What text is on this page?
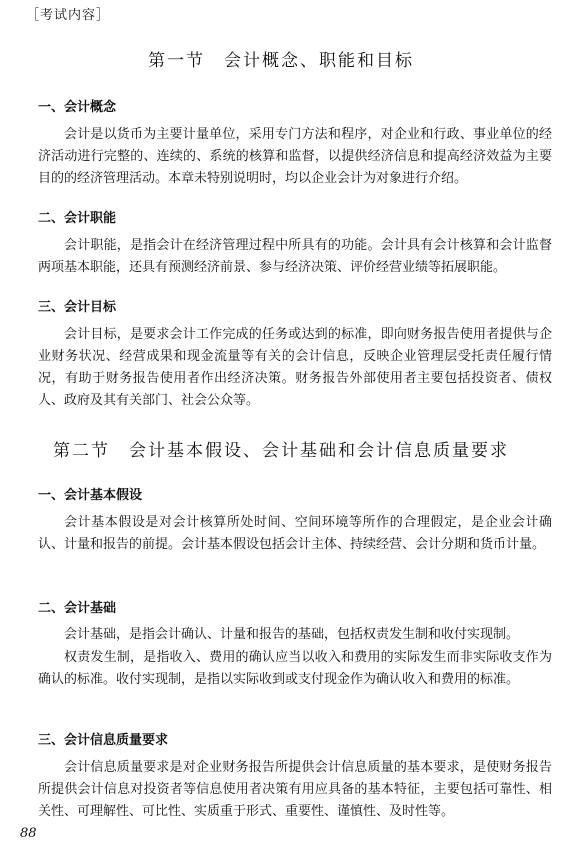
［考试内容］
第一节　会计概念、职能和目标
一、会计概念
会计是以货币为主要计量单位，采用专门方法和程序，对企业和行政、事业单位的经济活动进行完整的、连续的、系统的核算和监督，以提供经济信息和提高经济效益为主要目的的经济管理活动。本章未特别说明时，均以企业会计为对象进行介绍。
二、会计职能
会计职能，是指会计在经济管理过程中所具有的功能。会计具有会计核算和会计监督两项基本职能，还具有预测经济前景、参与经济决策、评价经营业绩等拓展职能。
三、会计目标
会计目标，是要求会计工作完成的任务或达到的标准，即向财务报告使用者提供与企业财务状况、经营成果和现金流量等有关的会计信息，反映企业管理层受托责任履行情况，有助于财务报告使用者作出经济决策。财务报告外部使用者主要包括投资者、债权人、政府及其有关部门、社会公众等。
第二节　会计基本假设、会计基础和会计信息质量要求
一、会计基本假设
会计基本假设是对会计核算所处时间、空间环境等所作的合理假定，是企业会计确认、计量和报告的前提。会计基本假设包括会计主体、持续经营、会计分期和货币计量。
二、会计基础
会计基础，是指会计确认、计量和报告的基础，包括权责发生制和收付实现制。
权责发生制，是指收入、费用的确认应当以收入和费用的实际发生而非实际收支作为确认的标准。收付实现制，是指以实际收到或支付现金作为确认收入和费用的标准。
三、会计信息质量要求
会计信息质量要求是对企业财务报告所提供会计信息质量的基本要求，是使财务报告所提供会计信息对投资者等信息使用者决策有用应具备的基本特征，主要包括可靠性、相关性、可理解性、可比性、实质重于形式、重要性、谨慎性、及时性等。
88
